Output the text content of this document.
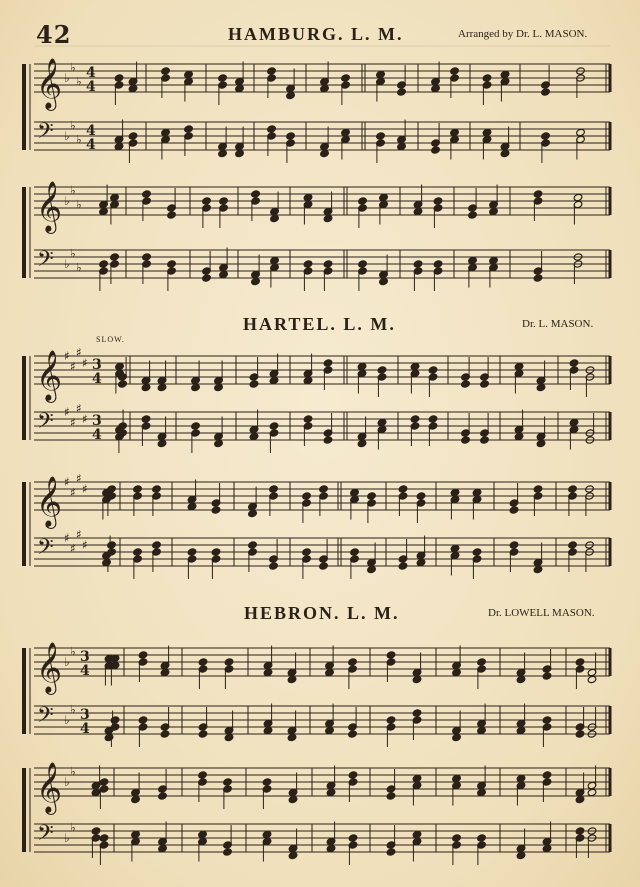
42	HAMBURG. L. M.	Arranged by Dr. L. MASON.
HARTEL. L. M.	Dr. L. MASON.
SLOW.
HEBRON. L. M.	Dr. LOWELL MASON.
𝄞 ♭
♭
♭
4
4
𝄢 ♭
♭
♭
4
4
𝄞 ♭
♭
♭
𝄢 ♭
♭
♭
𝄞 ♯
♯
♯
♯ 3
4
𝄢 ♯
♯
♯
♯ 3
4
𝄞 ♯
♯
♯
♯
𝄢 ♯
♯
♯
♯
𝄞 ♭
♭ 3
4
𝄢 ♭
♭ 3
4
𝄞 ♭
♭
𝄢 ♭
♭
